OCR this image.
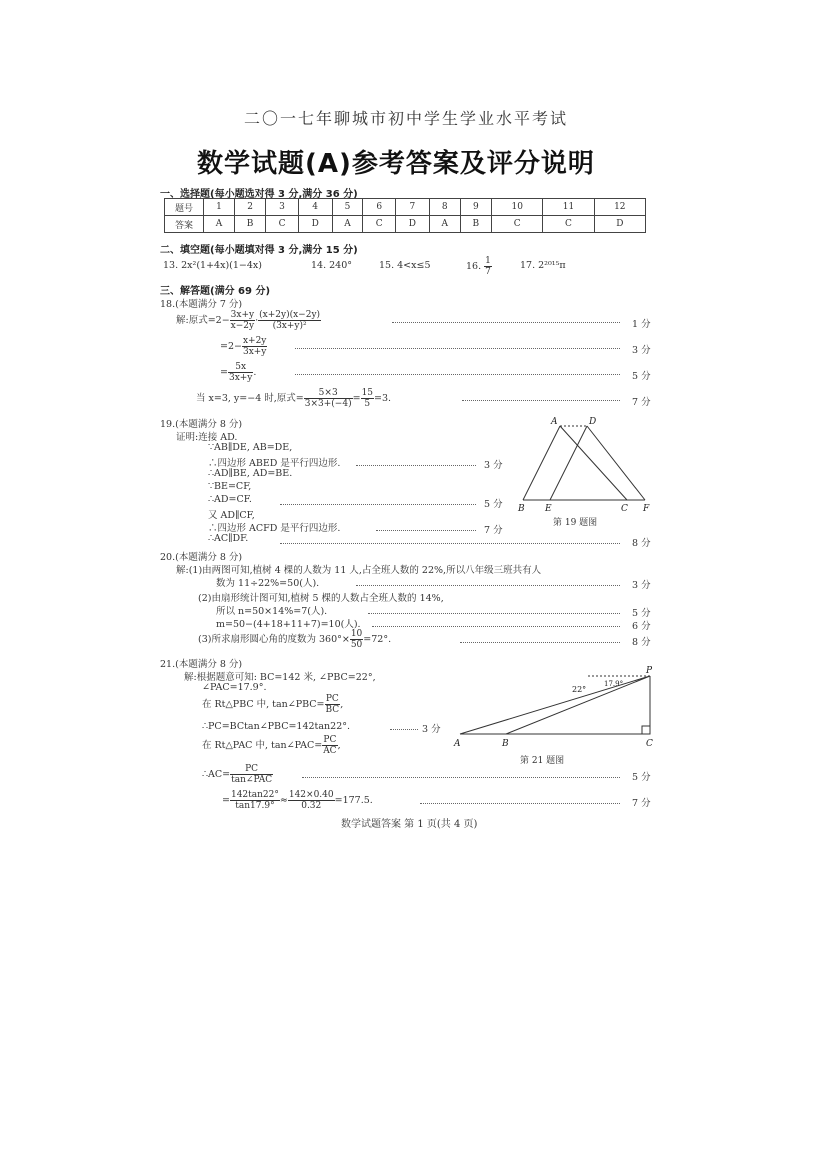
二〇一七年聊城市初中学生学业水平考试
数学试题(A)参考答案及评分说明
一、选择题(每小题选对得 3 分,满分 36 分)
题号	1	2	3	4	5	6	7	8	9	10	11	12
答案	A	B	C	D	A	C	D	A	B	C	C	D
二、填空题(每小题填对得 3 分,满分 15 分)
13. 2x²(1+4x)(1−4x)	14. 240°	15. 4<x≤5	16. $\frac{1}{7}$	17. 2²⁰¹⁵π
三、解答题(满分 69 分)
18.(本题满分 7 分)
解:原式$=2- \frac{3x+y}{x-2y} \cdot \frac{(x+2y)(x-2y)}{\text{(3x+y)²}}$	1 分
$=2- \frac{x+2y}{3x+y}$	3 分
= $\frac{5x}{3x+y}$ .	5 分
当 x=3, y=−4 时,原式= $\frac{5\times 3}{3\times 3+(-4)} = \frac{15}{5} =3$.	7 分
19.(本题满分 8 分)
证明:连接 AD.
∵AB∥DE, AB=DE,
∴四边形 ABED 是平行四边形.	3 分
∴AD∥BE, AD=BE.
∵BE=CF,
∴AD=CF.	5 分
又 AD∥CF,
∴四边形 ACFD 是平行四边形.	7 分
∴AC∥DF.	8 分
A	D
B E	C F
第 19 题图
20.(本题满分 8 分)
解:(1)由两图可知,植树 4 棵的人数为 11 人,占全班人数的 22%,所以八年级三班共有人
数为 11÷22%=50(人).	3 分
(2)由扇形统计图可知,植树 5 棵的人数占全班人数的 14%,
所以 n=50×14%=7(人).	5 分
m=50−(4+18+11+7)=10(人).	6 分
(3)所求扇形圆心角的度数为 $360^\circ\times \frac{10}{50} =72^\circ$.	8 分
21.(本题满分 8 分)
解:根据题意可知: BC=142 米, ∠PBC=22°,
∠PAC=17.9°.
在 Rt△PBC 中, tan∠PBC= $\frac{PC}{BC}$ ,
∴PC=BCtan∠PBC=142tan22°.	3 分
在 Rt△PAC 中, tan∠PAC= $\frac{PC}{AC}$ ,
∴AC= $\frac{PC}{\text{tan∠PAC}}$	5 分
= $\frac{142\tan 22^\circ}{\tan 17.9^\circ} \approx \frac{142\times 0.40}{0.32} =177.5$.	7 分
P
A	B	C
22°
17.9°
第 21 题图
数学试题答案 第 1 页(共 4 页)
